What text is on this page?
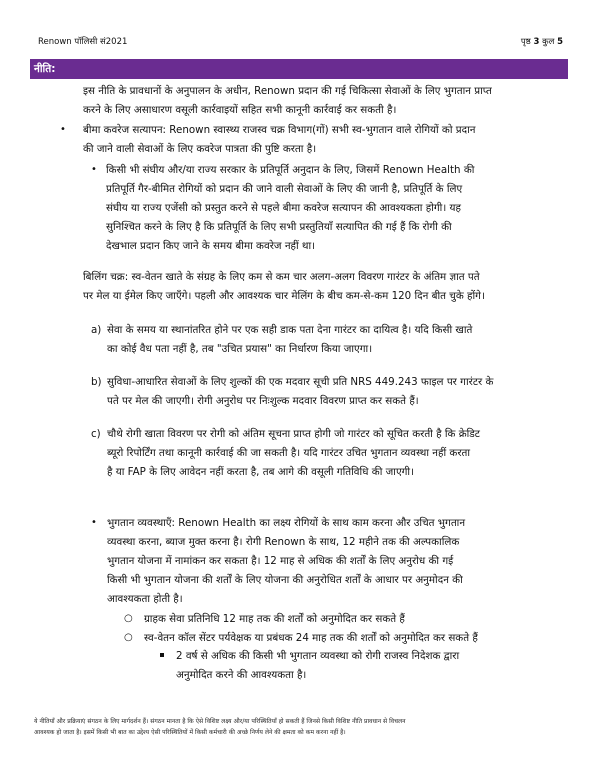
Renown पॉलिसी सं2021	पृष्ठ 3 कुल 5
नीति:
इस नीति के प्रावधानों के अनुपालन के अधीन, Renown प्रदान की गई चिकित्सा सेवाओं के लिए भुगतान प्राप्त
करने के लिए असाधारण वसूली कार्रवाइयों सहित सभी कानूनी कार्रवाई कर सकती है।
• बीमा कवरेज सत्यापन: Renown स्वास्थ्य राजस्व चक्र विभाग(गों) सभी स्व-भुगतान वाले रोगियों को प्रदान
की जाने वाली सेवाओं के लिए कवरेज पात्रता की पुष्टि करता है।
• किसी भी संघीय और/या राज्य सरकार के प्रतिपूर्ति अनुदान के लिए, जिसमें Renown Health की
प्रतिपूर्ति गैर-बीमित रोगियों को प्रदान की जाने वाली सेवाओं के लिए की जानी है, प्रतिपूर्ति के लिए
संघीय या राज्य एजेंसी को प्रस्तुत करने से पहले बीमा कवरेज सत्यापन की आवश्यकता होगी। यह
सुनिश्चित करने के लिए है कि प्रतिपूर्ति के लिए सभी प्रस्तुतियाँ सत्यापित की गई हैं कि रोगी की
देखभाल प्रदान किए जाने के समय बीमा कवरेज नहीं था।
बिलिंग चक्र: स्व-वेतन खाते के संग्रह के लिए कम से कम चार अलग-अलग विवरण गारंटर के अंतिम ज्ञात पते
पर मेल या ईमेल किए जाएँगे। पहली और आवश्यक चार मेलिंग के बीच कम-से-कम 120 दिन बीत चुके होंगे।
a) सेवा के समय या स्थानांतरित होने पर एक सही डाक पता देना गारंटर का दायित्व है। यदि किसी खाते
का कोई वैध पता नहीं है, तब "उचित प्रयास" का निर्धारण किया जाएगा।
b) सुविधा-आधारित सेवाओं के लिए शुल्कों की एक मदवार सूची प्रति NRS 449.243 फाइल पर गारंटर के
पते पर मेल की जाएगी। रोगी अनुरोध पर निःशुल्क मदवार विवरण प्राप्त कर सकते हैं।
c) चौथे रोगी खाता विवरण पर रोगी को अंतिम सूचना प्राप्त होगी जो गारंटर को सूचित करती है कि क्रेडिट
ब्यूरो रिपोर्टिंग तथा कानूनी कार्रवाई की जा सकती है। यदि गारंटर उचित भुगतान व्यवस्था नहीं करता
है या FAP के लिए आवेदन नहीं करता है, तब आगे की वसूली गतिविधि की जाएगी।
• भुगतान व्यवस्थाएँ: Renown Health का लक्ष्य रोगियों के साथ काम करना और उचित भुगतान
व्यवस्था करना, ब्याज मुक्त करना है। रोगी Renown के साथ, 12 महीने तक की अल्पकालिक
भुगतान योजना में नामांकन कर सकता है। 12 माह से अधिक की शर्तों के लिए अनुरोध की गई
किसी भी भुगतान योजना की शर्तों के लिए योजना की अनुरोधित शर्तों के आधार पर अनुमोदन की
आवश्यकता होती है।
○ ग्राहक सेवा प्रतिनिधि 12 माह तक की शर्तों को अनुमोदित कर सकते हैं
○ स्व-वेतन कॉल सेंटर पर्यवेक्षक या प्रबंधक 24 माह तक की शर्तों को अनुमोदित कर सकते हैं
2 वर्ष से अधिक की किसी भी भुगतान व्यवस्था को रोगी राजस्व निदेशक द्वारा
अनुमोदित करने की आवश्यकता है।
ये नीतियाँ और प्रक्रियाएं संगठन के लिए मार्गदर्शन हैं। संगठन मानता है कि ऐसे विशिष्ट लक्ष्य और/या परिस्थितियाँ हो सकती हैं जिनसे किसी विशिष्ट नीति प्रावधान से विचलन
आवश्यक हो जाता है। इसमें किसी भी बात का उद्देश्य ऐसी परिस्थितियों में किसी कर्मचारी की अच्छे निर्णय लेने की क्षमता को कम करना नहीं है।
